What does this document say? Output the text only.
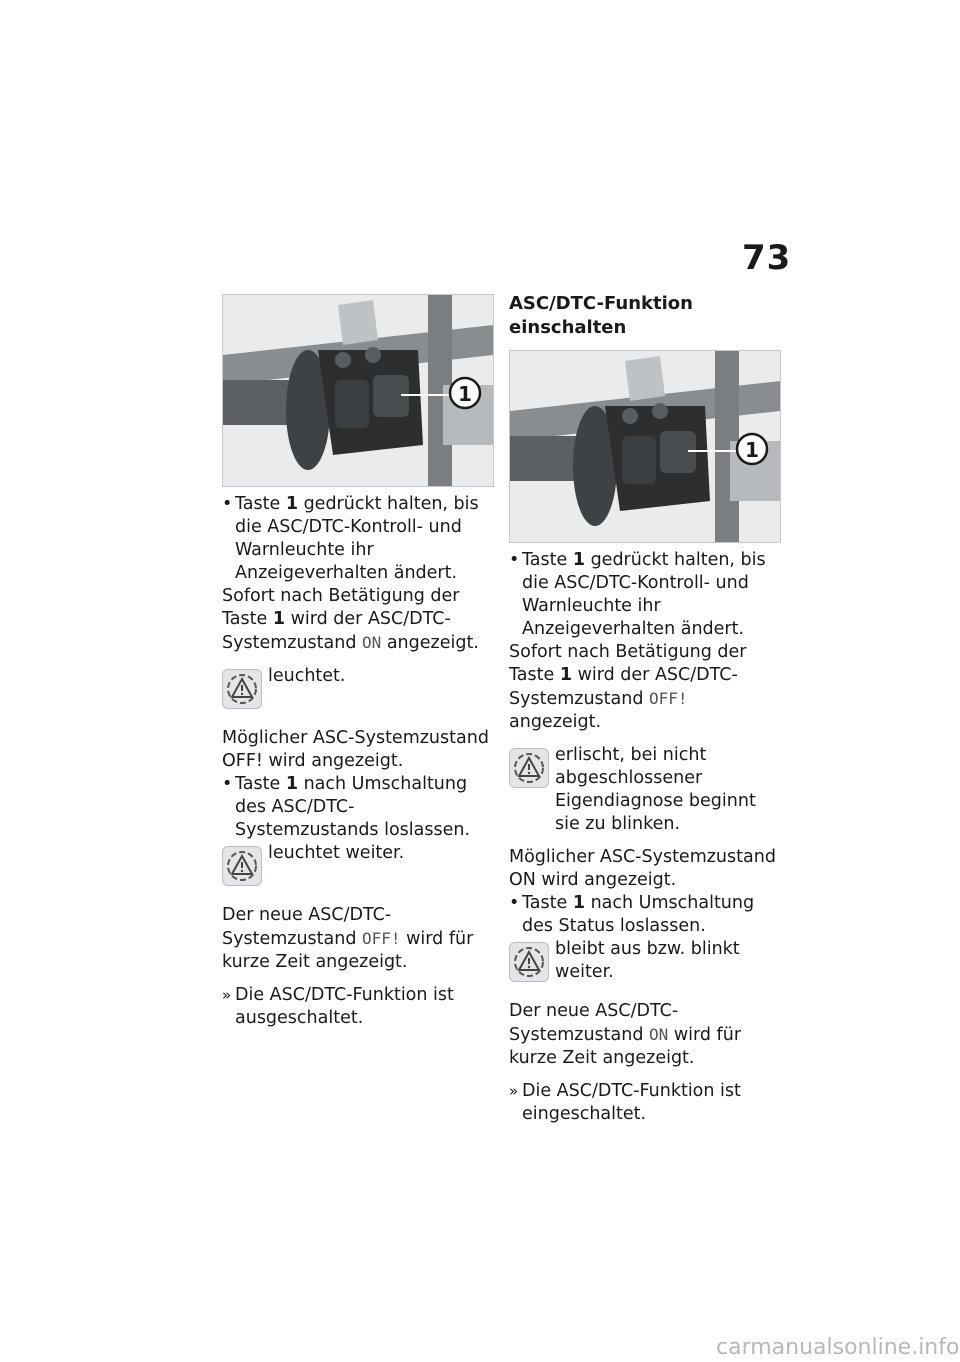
73
1

• Taste 1 gedrückt halten, bis die ASC/DTC-Kontroll- und Warnleuchte ihr Anzeigeverhalten ändert.

Sofort nach Betätigung der Taste 1 wird der ASC/DTC-Systemzustand ON angezeigt.

leuchtet.

Möglicher ASC-Systemzustand OFF! wird angezeigt.

• Taste 1 nach Umschaltung des ASC/DTC-Systemzustands loslassen.

leuchtet weiter.

Der neue ASC/DTC-Systemzustand OFF! wird für kurze Zeit angezeigt.

» Die ASC/DTC-Funktion ist ausgeschaltet.

ASC/DTC-Funktion einschalten
1

• Taste 1 gedrückt halten, bis die ASC/DTC-Kontroll- und Warnleuchte ihr Anzeigeverhalten ändert.

Sofort nach Betätigung der Taste 1 wird der ASC/DTC-Systemzustand OFF! angezeigt.

erlischt, bei nicht abgeschlossener Eigendiagnose beginnt sie zu blinken.

Möglicher ASC-Systemzustand ON wird angezeigt.

• Taste 1 nach Umschaltung des Status loslassen.

bleibt aus bzw. blinkt weiter.

Der neue ASC/DTC-Systemzustand ON wird für kurze Zeit angezeigt.

» Die ASC/DTC-Funktion ist eingeschaltet.

carmanualsonline.info
